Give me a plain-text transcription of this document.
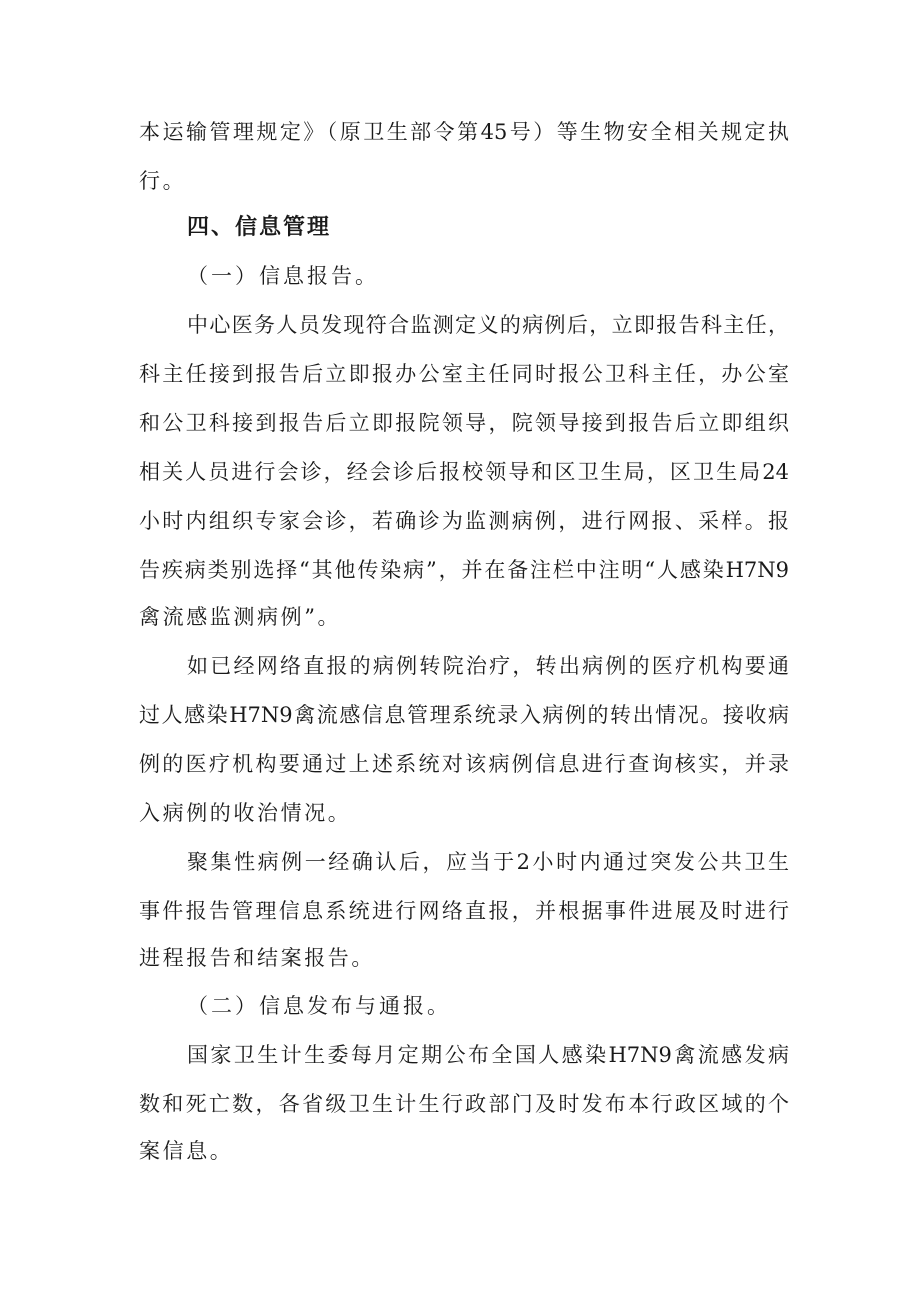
本运输管理规定》（原卫生部令第45号）等生物安全相关规定执
行。
四、信息管理
（一）信息报告。
中心医务人员发现符合监测定义的病例后，立即报告科主任，
科主任接到报告后立即报办公室主任同时报公卫科主任，办公室
和公卫科接到报告后立即报院领导，院领导接到报告后立即组织
相关人员进行会诊，经会诊后报校领导和区卫生局，区卫生局24
小时内组织专家会诊，若确诊为监测病例，进行网报、采样。报
告疾病类别选择“其他传染病”，并在备注栏中注明“人感染H7N9
禽流感监测病例”。
如已经网络直报的病例转院治疗，转出病例的医疗机构要通
过人感染H7N9禽流感信息管理系统录入病例的转出情况。接收病
例的医疗机构要通过上述系统对该病例信息进行查询核实，并录
入病例的收治情况。
聚集性病例一经确认后，应当于2小时内通过突发公共卫生
事件报告管理信息系统进行网络直报，并根据事件进展及时进行
进程报告和结案报告。
（二）信息发布与通报。
国家卫生计生委每月定期公布全国人感染H7N9禽流感发病
数和死亡数，各省级卫生计生行政部门及时发布本行政区域的个
案信息。
